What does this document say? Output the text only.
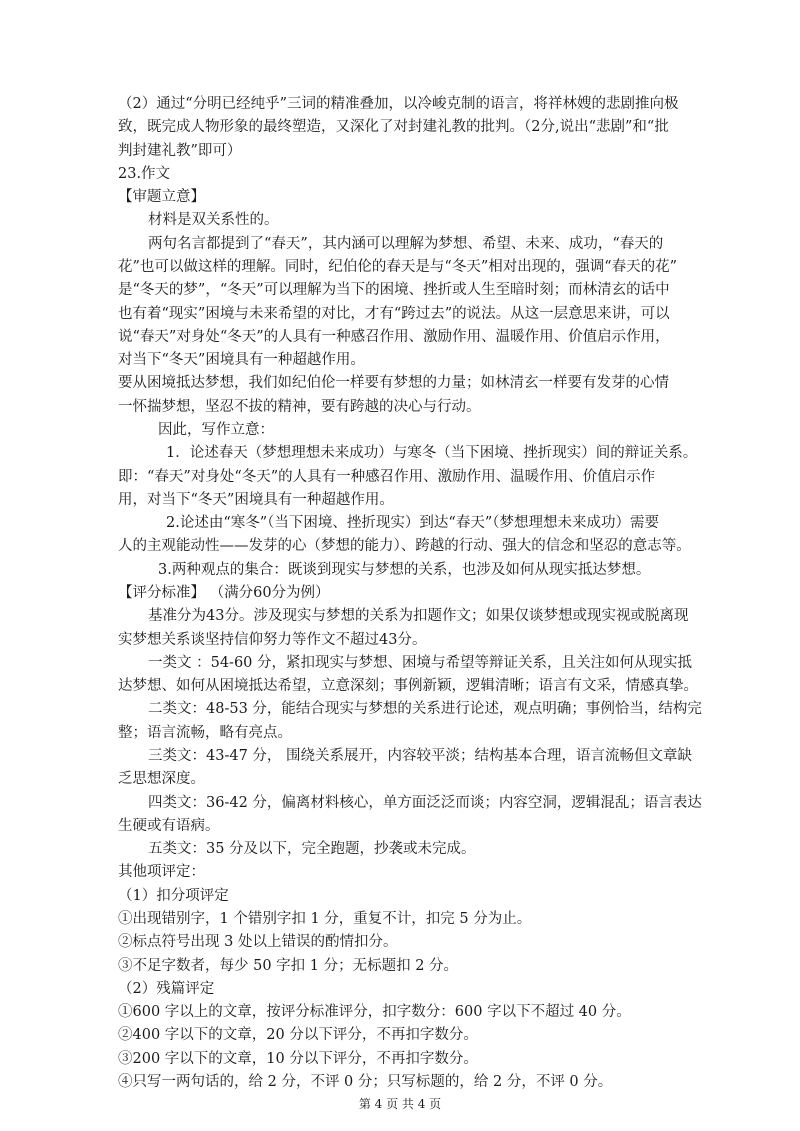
（2）通过“分明已经纯乎”三词的精准叠加，以冷峻克制的语言，将祥林嫂的悲剧推向极

致，既完成人物形象的最终塑造，又深化了对封建礼教的批判。（2分,说出“悲剧”和“批

判封建礼教”即可）

23.作文

【审题立意】

材料是双关系性的。

两句名言都提到了“春天”，其内涵可以理解为梦想、希望、未来、成功，“春天的

花”也可以做这样的理解。同时，纪伯伦的春天是与“冬天”相对出现的，强调“春天的花”

是“冬天的梦”，“冬天”可以理解为当下的困境、挫折或人生至暗时刻；而林清玄的话中

也有着“现实”困境与未来希望的对比，才有“跨过去”的说法。从这一层意思来讲，可以

说“春天”对身处“冬天”的人具有一种感召作用、激励作用、温暖作用、价值启示作用，

对当下“冬天”困境具有一种超越作用。

要从困境抵达梦想，我们如纪伯伦一样要有梦想的力量；如林清玄一样要有发芽的心情

一怀揣梦想，坚忍不拔的精神，要有跨越的决心与行动。

因此，写作立意：

1．论述春天（梦想理想未来成功）与寒冬（当下困境、挫折现实）间的辩证关系。

即：“春天”对身处“冬天”的人具有一种感召作用、激励作用、温暖作用、价值启示作

用，对当下“冬天”困境具有一种超越作用。

2.论述由“寒冬”（当下困境、挫折现实）到达“春天”（梦想理想未来成功）需要

人的主观能动性——发芽的心（梦想的能力）、跨越的行动、强大的信念和坚忍的意志等。

3.两种观点的集合：既谈到现实与梦想的关系，也涉及如何从现实抵达梦想。

【评分标准】 （满分60分为例）

基准分为43分。涉及现实与梦想的关系为扣题作文；如果仅谈梦想或现实视或脱离现

实梦想关系谈坚持信仰努力等作文不超过43分。

一类文 ：54-60 分，紧扣现实与梦想、困境与希望等辩证关系，且关注如何从现实抵

达梦想、如何从困境抵达希望，立意深刻；事例新颖，逻辑清晰；语言有文采，情感真挚。

二类文：48-53 分，能结合现实与梦想的关系进行论述，观点明确；事例恰当，结构完

整；语言流畅，略有亮点。

三类文：43-47 分， 围绕关系展开，内容较平淡；结构基本合理，语言流畅但文章缺

乏思想深度。

四类文：36-42 分，偏离材料核心，单方面泛泛而谈；内容空洞，逻辑混乱；语言表达

生硬或有语病。

五类文：35 分及以下，完全跑题，抄袭或未完成。

其他项评定：

（1）扣分项评定

①出现错别字，1 个错别字扣 1 分，重复不计，扣完 5 分为止。

②标点符号出现 3 处以上错误的酌情扣分。

③不足字数者，每少 50 字扣 1 分；无标题扣 2 分。

（2）残篇评定

①600 字以上的文章，按评分标准评分，扣字数分：600 字以下不超过 40 分。

②400 字以下的文章，20 分以下评分，不再扣字数分。

③200 字以下的文章，10 分以下评分，不再扣字数分。

④只写一两句话的，给 2 分，不评 0 分；只写标题的，给 2 分，不评 0 分。

第 4 页 共 4 页
